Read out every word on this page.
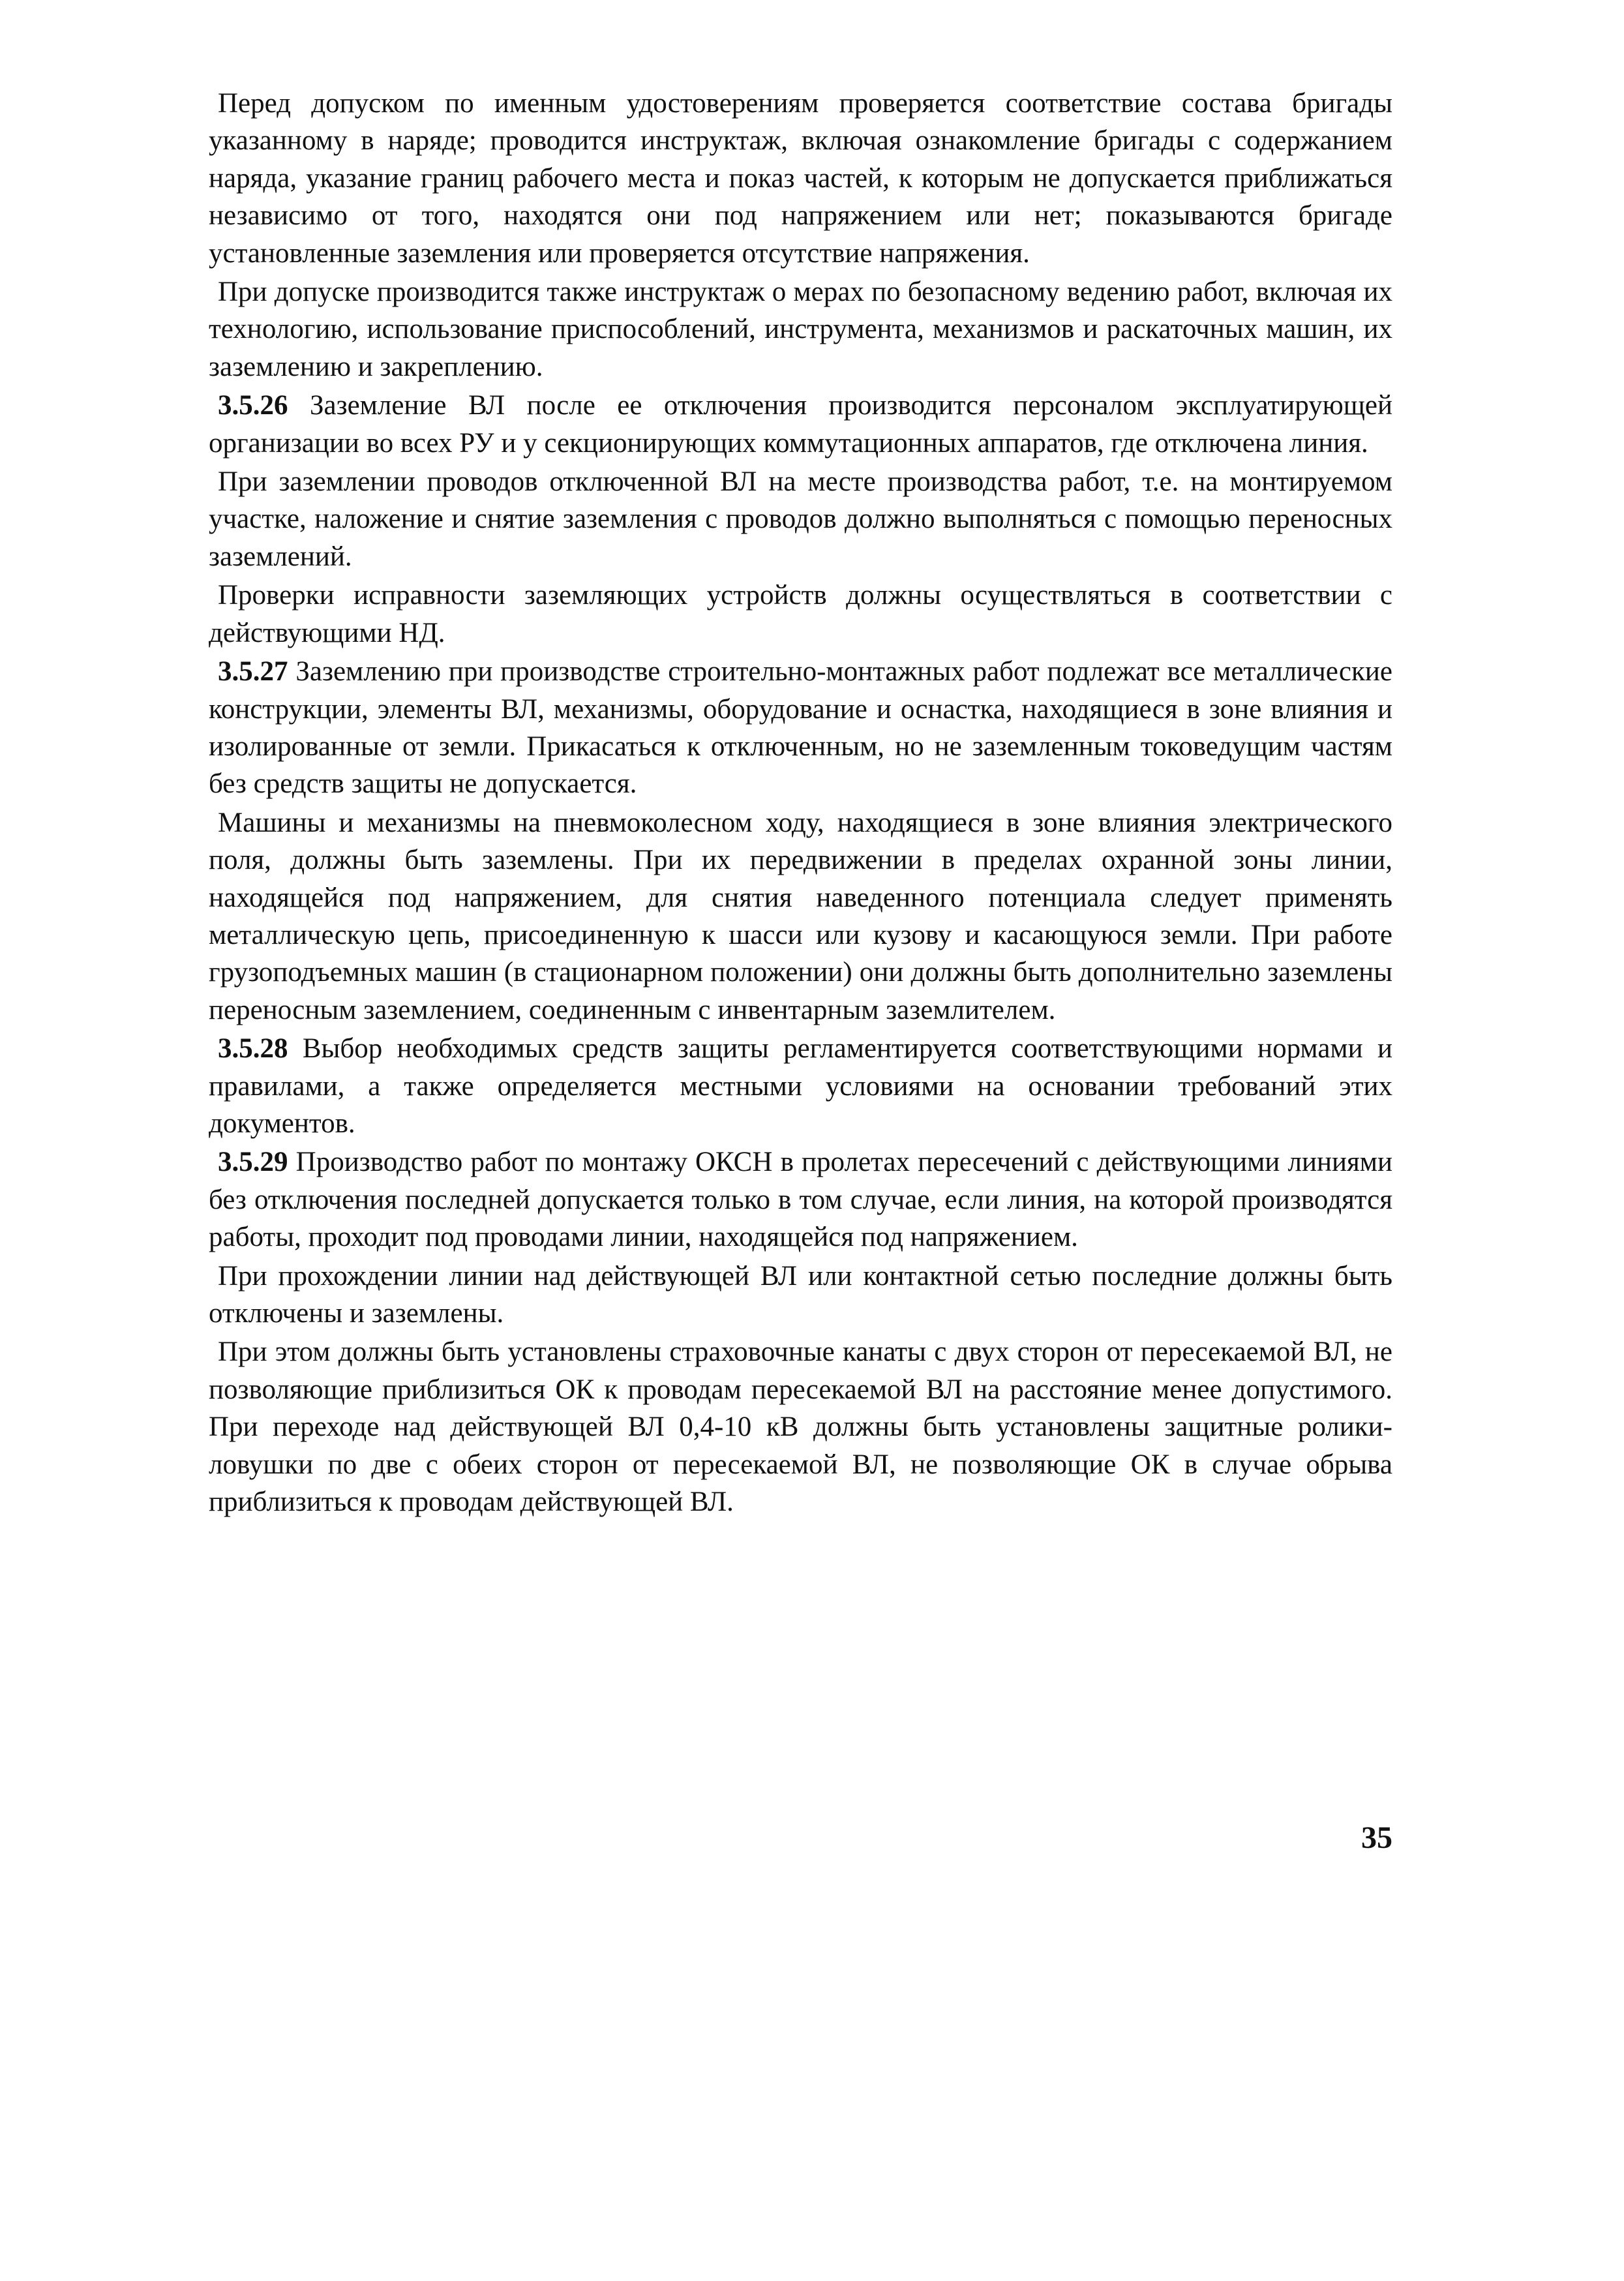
Перед допуском по именным удостоверениям проверяется соответствие состава бригады указанному в наряде; проводится инструктаж, включая ознакомление бригады с содержанием наряда, указание границ рабочего места и показ частей, к которым не допускается приближаться независимо от того, находятся они под напряжением или нет; показываются бригаде установленные заземления или проверяется отсутствие напряжения.

При допуске производится также инструктаж о мерах по безопасному ведению работ, включая их технологию, использование приспособлений, инструмента, механизмов и раскаточных машин, их заземлению и закреплению.

3.5.26 Заземление ВЛ после ее отключения производится персоналом эксплуатирующей организации во всех РУ и у секционирующих коммутационных аппаратов, где отключена линия.

При заземлении проводов отключенной ВЛ на месте производства работ, т.е. на монтируемом участке, наложение и снятие заземления с проводов должно выполняться с помощью переносных заземлений.

Проверки исправности заземляющих устройств должны осуществляться в соответствии с действующими НД.

3.5.27 Заземлению при производстве строительно-монтажных работ подлежат все металлические конструкции, элементы ВЛ, механизмы, оборудование и оснастка, находящиеся в зоне влияния и изолированные от земли. Прикасаться к отключенным, но не заземленным токоведущим частям без средств защиты не допускается.

Машины и механизмы на пневмоколесном ходу, находящиеся в зоне влияния электрического поля, должны быть заземлены. При их передвижении в пределах охранной зоны линии, находящейся под напряжением, для снятия наведенного потенциала следует применять металлическую цепь, присоединенную к шасси или кузову и касающуюся земли. При работе грузоподъемных машин (в стационарном положении) они должны быть дополнительно заземлены переносным заземлением, соединенным с инвентарным заземлителем.

3.5.28 Выбор необходимых средств защиты регламентируется соответствующими нормами и правилами, а также определяется местными условиями на основании требований этих документов.

3.5.29 Производство работ по монтажу ОКСН в пролетах пересечений с действующими линиями без отключения последней допускается только в том случае, если линия, на которой производятся работы, проходит под проводами линии, находящейся под напряжением.

При прохождении линии над действующей ВЛ или контактной сетью последние должны быть отключены и заземлены.

При этом должны быть установлены страховочные канаты с двух сторон от пересекаемой ВЛ, не позволяющие приблизиться ОК к проводам пересекаемой ВЛ на расстояние менее допустимого. При переходе над действующей ВЛ 0,4-10 кВ должны быть установлены защитные ролики-ловушки по две с обеих сторон от пересекаемой ВЛ, не позволяющие ОК в случае обрыва приблизиться к проводам действующей ВЛ.

35
